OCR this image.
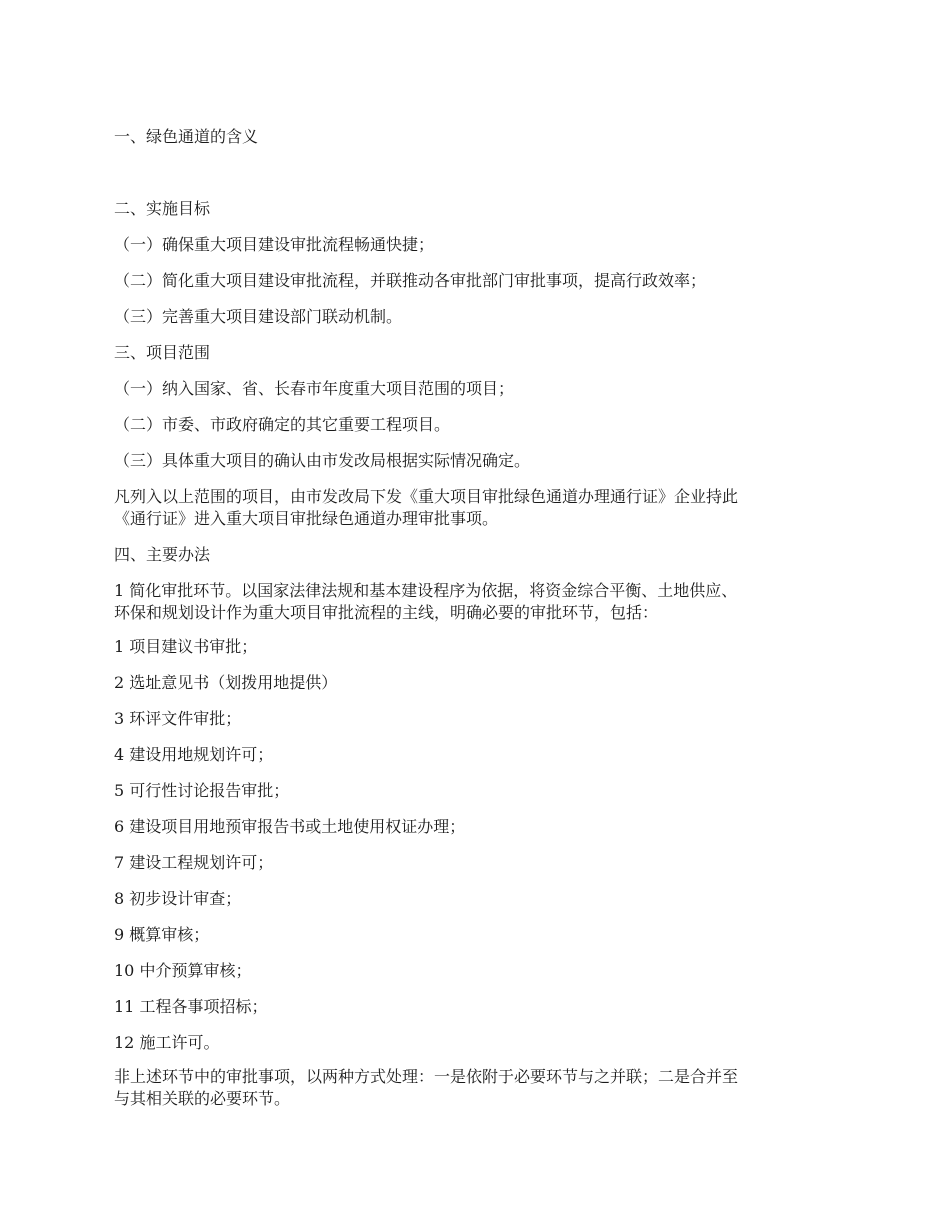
一、绿色通道的含义
二、实施目标
（一）确保重大项目建设审批流程畅通快捷；
（二）简化重大项目建设审批流程，并联推动各审批部门审批事项，提高行政效率；
（三）完善重大项目建设部门联动机制。
三、项目范围
（一）纳入国家、省、长春市年度重大项目范围的项目；
（二）市委、市政府确定的其它重要工程项目。
（三）具体重大项目的确认由市发改局根据实际情况确定。
凡列入以上范围的项目，由市发改局下发《重大项目审批绿色通道办理通行证》企业持此
《通行证》进入重大项目审批绿色通道办理审批事项。
四、主要办法
1 简化审批环节。以国家法律法规和基本建设程序为依据，将资金综合平衡、土地供应、
环保和规划设计作为重大项目审批流程的主线，明确必要的审批环节，包括：
1 项目建议书审批；
2 选址意见书（划拨用地提供）
3 环评文件审批；
4 建设用地规划许可；
5 可行性讨论报告审批；
6 建设项目用地预审报告书或土地使用权证办理；
7 建设工程规划许可；
8 初步设计审查；
9 概算审核；
10 中介预算审核；
11 工程各事项招标；
12 施工许可。
非上述环节中的审批事项，以两种方式处理：一是依附于必要环节与之并联；二是合并至
与其相关联的必要环节。
